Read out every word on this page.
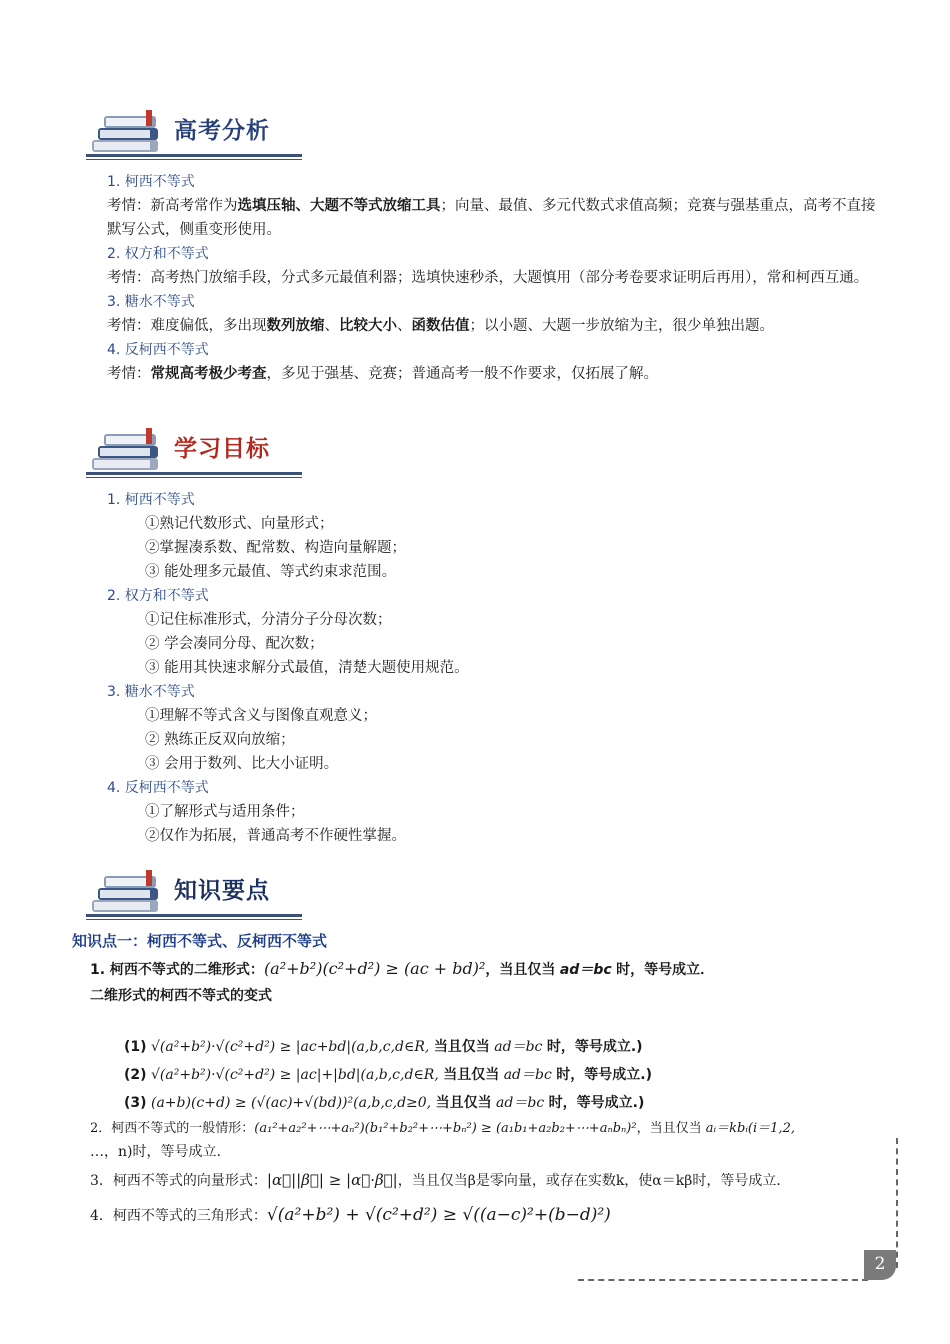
高考分析
1. 柯西不等式

考情：新高考常作为选填压轴、大题不等式放缩工具；向量、最值、多元代数式求值高频；竞赛与强基重点，高考不直接默写公式，侧重变形使用。

2. 权方和不等式

考情：高考热门放缩手段，分式多元最值利器；选填快速秒杀，大题慎用（部分考卷要求证明后再用），常和柯西互通。

3. 糖水不等式

考情：难度偏低，多出现数列放缩、比较大小、函数估值；以小题、大题一步放缩为主，很少单独出题。

4. 反柯西不等式

考情：常规高考极少考查，多见于强基、竞赛；普通高考一般不作要求，仅拓展了解。

学习目标
1. 柯西不等式

①熟记代数形式、向量形式；

②掌握凑系数、配常数、构造向量解题；

③ 能处理多元最值、等式约束求范围。

2. 权方和不等式

①记住标准形式，分清分子分母次数；

② 学会凑同分母、配次数；

③ 能用其快速求解分式最值，清楚大题使用规范。

3. 糖水不等式

①理解不等式含义与图像直观意义；

② 熟练正反双向放缩；

③ 会用于数列、比大小证明。

4. 反柯西不等式

①了解形式与适用条件；

②仅作为拓展，普通高考不作硬性掌握。

知识要点
知识点一：柯西不等式、反柯西不等式
1. 柯西不等式的二维形式：(a²+b²)(c²+d²) ≥ (ac + bd)²，当且仅当 ad＝bc 时，等号成立．
二维形式的柯西不等式的变式
(1) √(a²+b²)·√(c²+d²) ≥ |ac+bd|(a,b,c,d∈R, 当且仅当 ad＝bc 时，等号成立.)
(2) √(a²+b²)·√(c²+d²) ≥ |ac|+|bd|(a,b,c,d∈R, 当且仅当 ad＝bc 时，等号成立.)
(3) (a+b)(c+d) ≥ (√(ac)+√(bd))²(a,b,c,d≥0, 当且仅当 ad＝bc 时，等号成立.)
2．柯西不等式的一般情形：(a₁²+a₂²+⋯+aₙ²)(b₁²+b₂²+⋯+bₙ²) ≥ (a₁b₁+a₂b₂+⋯+aₙbₙ)²，当且仅当 aᵢ＝kbᵢ(i＝1,2,
…，n)时，等号成立.
3．柯西不等式的向量形式：|α⃗||β⃗| ≥ |α⃗·β⃗|，当且仅当β是零向量，或存在实数k，使α＝kβ时，等号成立．
4．柯西不等式的三角形式：√(a²+b²) + √(c²+d²) ≥ √((a−c)²+(b−d)²)
2
